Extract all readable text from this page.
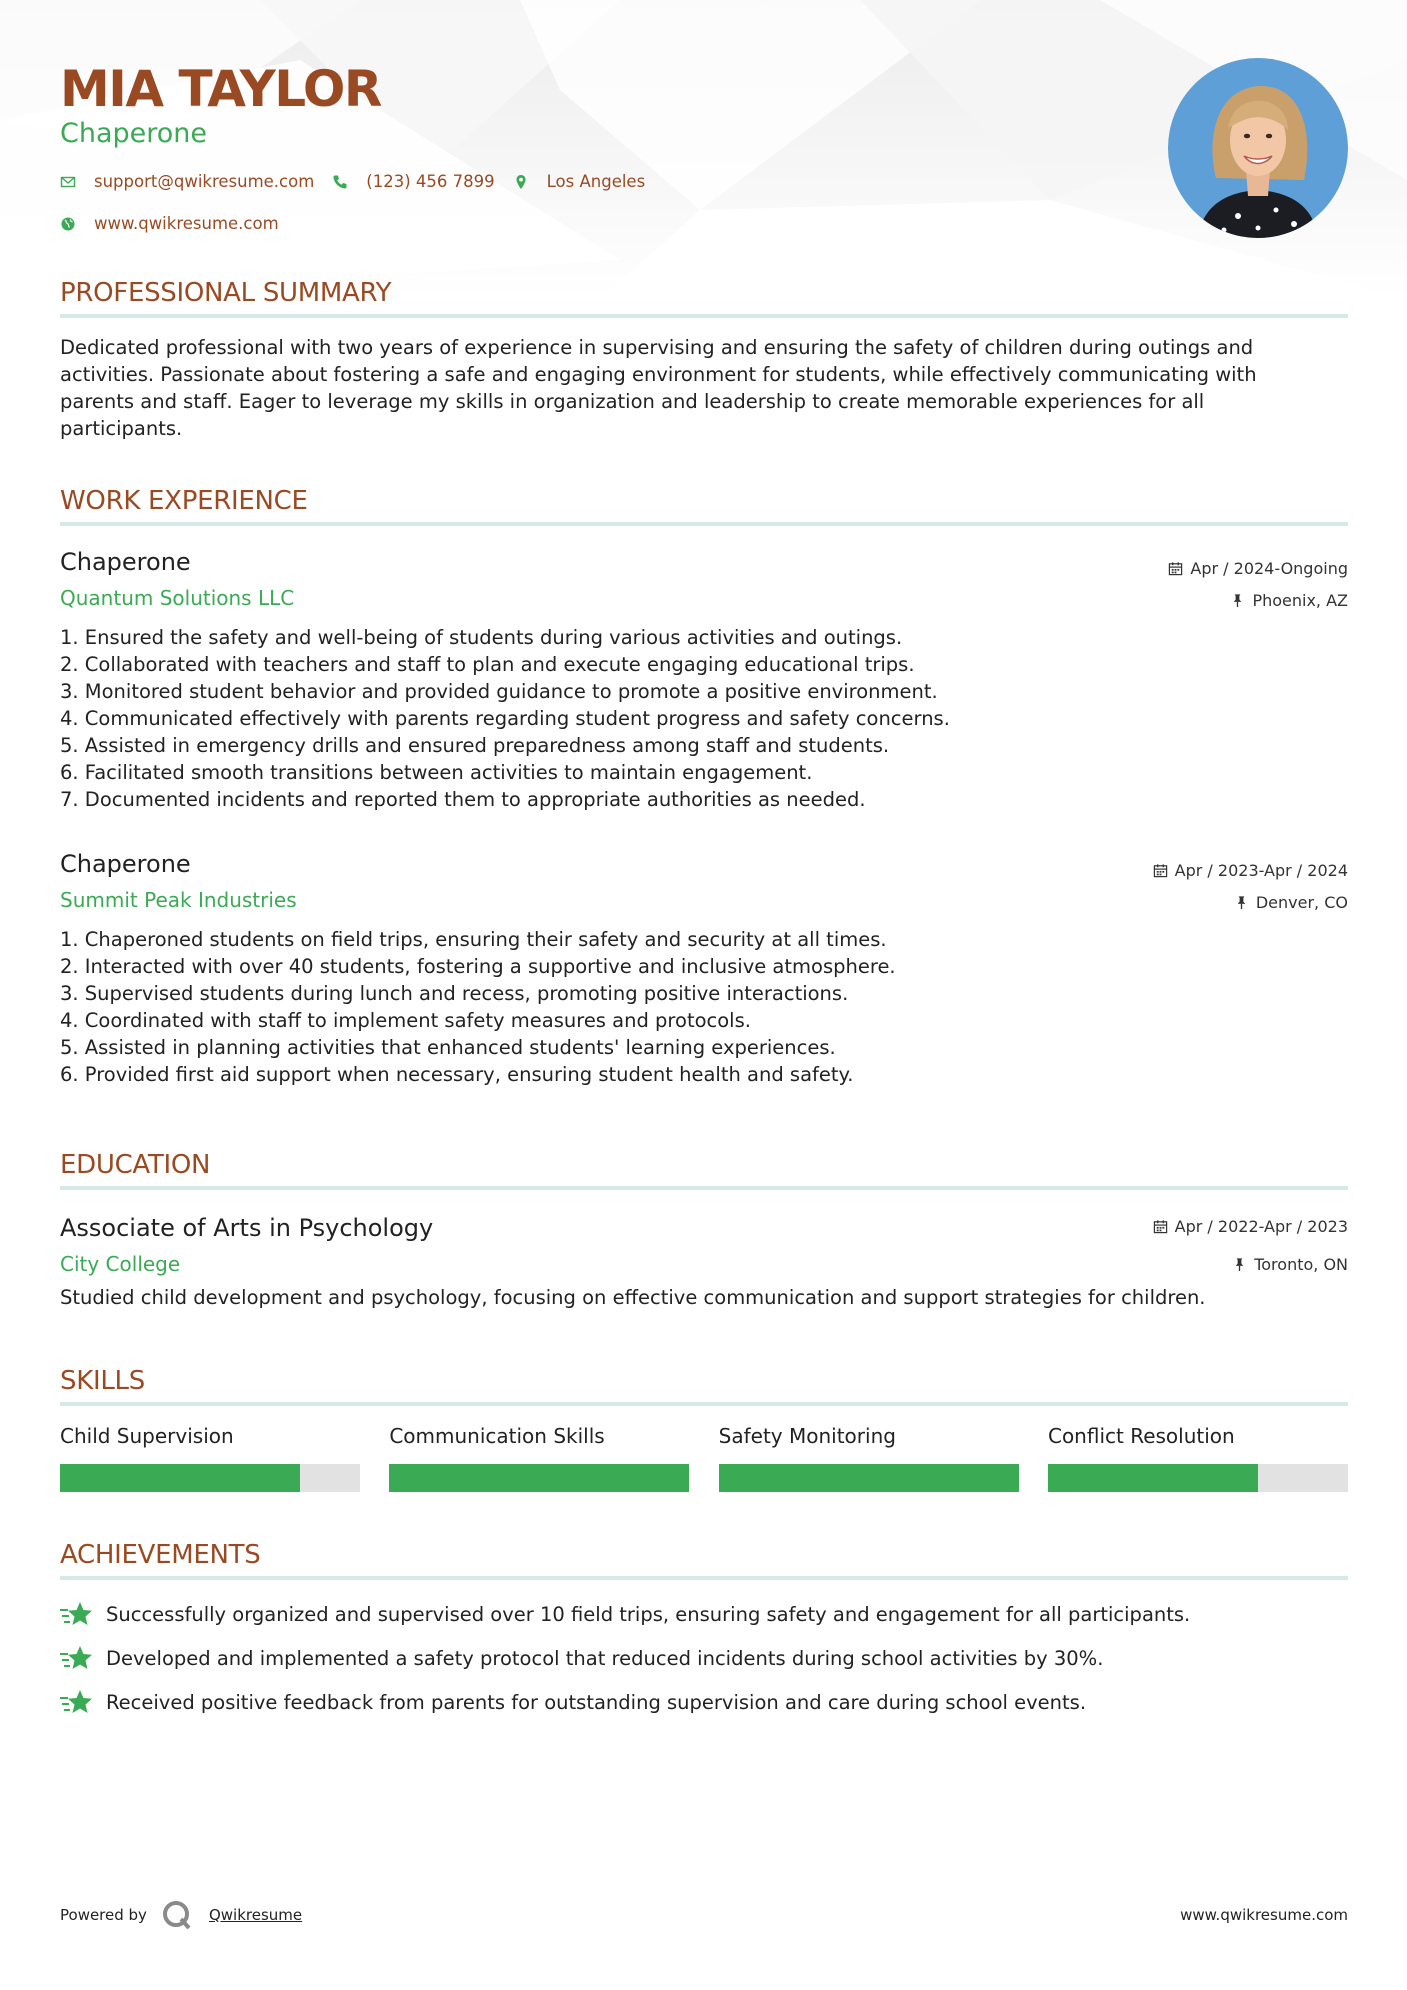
MIA TAYLOR
Chaperone
support@qwikresume.com	(123) 456 7899	Los Angeles
www.qwikresume.com
PROFESSIONAL SUMMARY
Dedicated professional with two years of experience in supervising and ensuring the safety of children during outings and
activities. Passionate about fostering a safe and engaging environment for students, while effectively communicating with
parents and staff. Eager to leverage my skills in organization and leadership to create memorable experiences for all
participants.
WORK EXPERIENCE
Chaperone
Quantum Solutions LLC
Apr / 2024-Ongoing
Phoenix, AZ
1. Ensured the safety and well-being of students during various activities and outings.
2. Collaborated with teachers and staff to plan and execute engaging educational trips.
3. Monitored student behavior and provided guidance to promote a positive environment.
4. Communicated effectively with parents regarding student progress and safety concerns.
5. Assisted in emergency drills and ensured preparedness among staff and students.
6. Facilitated smooth transitions between activities to maintain engagement.
7. Documented incidents and reported them to appropriate authorities as needed.
Chaperone
Summit Peak Industries
Apr / 2023-Apr / 2024
Denver, CO
1. Chaperoned students on field trips, ensuring their safety and security at all times.
2. Interacted with over 40 students, fostering a supportive and inclusive atmosphere.
3. Supervised students during lunch and recess, promoting positive interactions.
4. Coordinated with staff to implement safety measures and protocols.
5. Assisted in planning activities that enhanced students' learning experiences.
6. Provided first aid support when necessary, ensuring student health and safety.
EDUCATION
Associate of Arts in Psychology
City College
Apr / 2022-Apr / 2023
Toronto, ON
Studied child development and psychology, focusing on effective communication and support strategies for children.
SKILLS
Child Supervision	Communication Skills	Safety Monitoring	Conflict Resolution
ACHIEVEMENTS
Successfully organized and supervised over 10 field trips, ensuring safety and engagement for all participants.
Developed and implemented a safety protocol that reduced incidents during school activities by 30%.
Received positive feedback from parents for outstanding supervision and care during school events.
Powered by	Qwikresume	www.qwikresume.com
